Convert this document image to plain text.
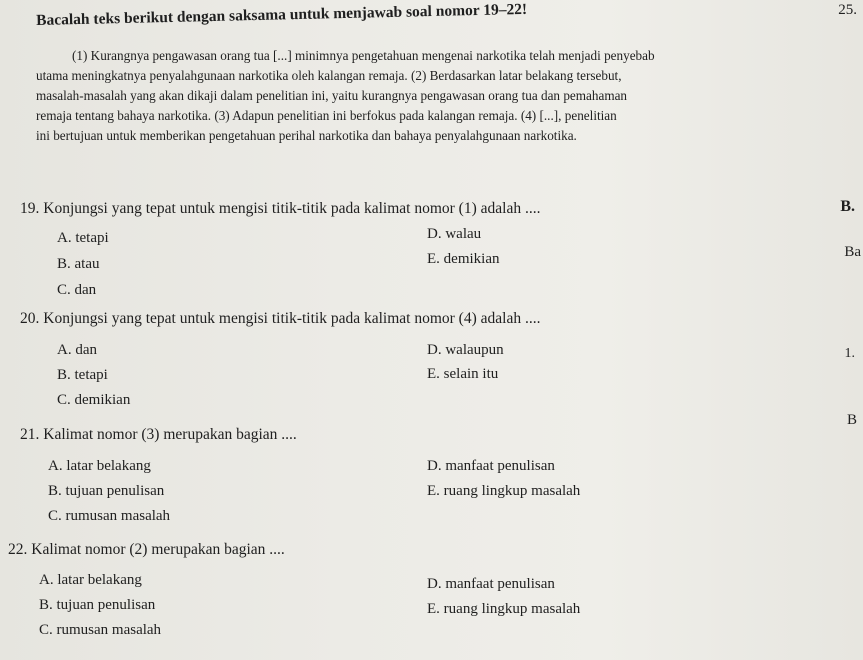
25.
Bacalah teks berikut dengan saksama untuk menjawab soal nomor 19–22!
(1) Kurangnya pengawasan orang tua [...] minimnya pengetahuan mengenai narkotika telah menjadi penyebab
utama meningkatnya penyalahgunaan narkotika oleh kalangan remaja. (2) Berdasarkan latar belakang tersebut,
masalah-masalah yang akan dikaji dalam penelitian ini, yaitu kurangnya pengawasan orang tua dan pemahaman
remaja tentang bahaya narkotika. (3) Adapun penelitian ini berfokus pada kalangan remaja. (4) [...], penelitian
ini bertujuan untuk memberikan pengetahuan perihal narkotika dan bahaya penyalahgunaan narkotika.
19. Konjungsi yang tepat untuk mengisi titik-titik pada kalimat nomor (1) adalah ....
A. tetapi
B. atau
C. dan
D. walau
E. demikian
20. Konjungsi yang tepat untuk mengisi titik-titik pada kalimat nomor (4) adalah ....
A. dan
B. tetapi
C. demikian
D. walaupun
E. selain itu
21. Kalimat nomor (3) merupakan bagian ....
A. latar belakang
B. tujuan penulisan
C. rumusan masalah
D. manfaat penulisan
E. ruang lingkup masalah
22. Kalimat nomor (2) merupakan bagian ....
A. latar belakang
B. tujuan penulisan
C. rumusan masalah
D. manfaat penulisan
E. ruang lingkup masalah
B.
Ba
1.
B
